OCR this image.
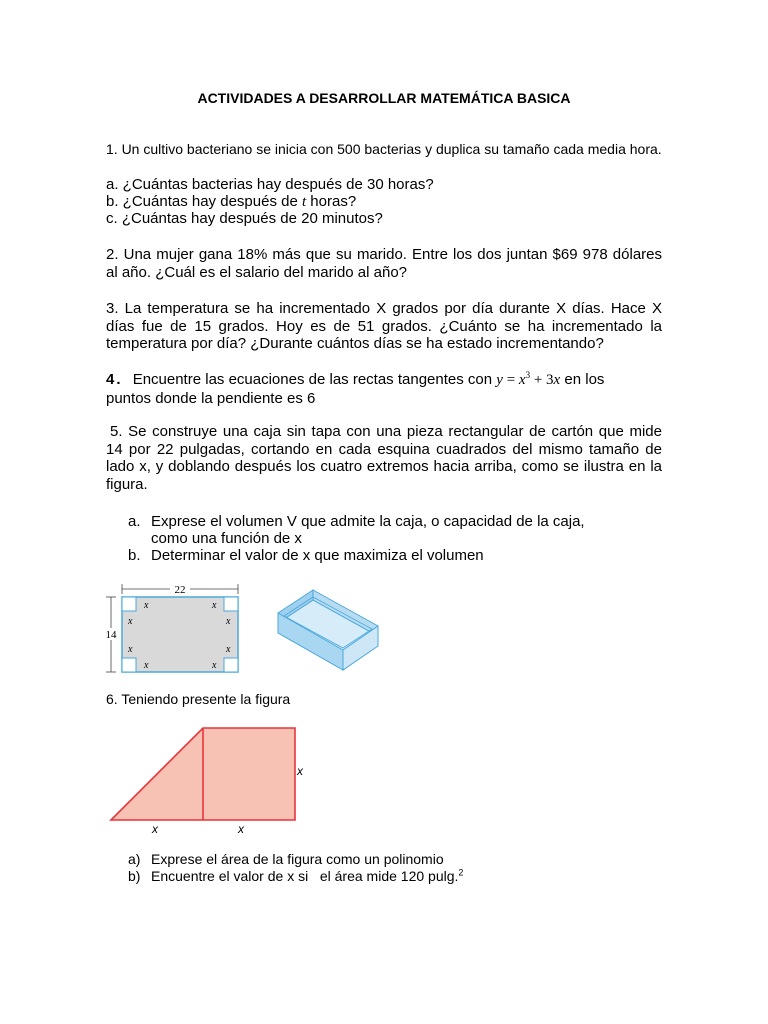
ACTIVIDADES A DESARROLLAR MATEMÁTICA BASICA
1. Un cultivo bacteriano se inicia con 500 bacterias y duplica su tamaño cada media hora.
a. ¿Cuántas bacterias hay después de 30 horas?
b. ¿Cuántas hay después de t horas?
c. ¿Cuántas hay después de 20 minutos?
2. Una mujer gana 18% más que su marido. Entre los dos juntan $69 978 dólares
al año. ¿Cuál es el salario del marido al año?
3. La temperatura se ha incrementado X grados por día durante X días. Hace X
días fue de 15 grados. Hoy es de 51 grados. ¿Cuánto se ha incrementado la
temperatura por día? ¿Durante cuántos días se ha estado incrementando?
4. Encuentre las ecuaciones de las rectas tangentes con $y = x^3 + 3x$ en los
puntos donde la pendiente es 6
5. Se construye una caja sin tapa con una pieza rectangular de cartón que mide
14 por 22 pulgadas, cortando en cada esquina cuadrados del mismo tamaño de
lado x, y doblando después los cuatro extremos hacia arriba, como se ilustra en la
figura.
a. Exprese el volumen V que admite la caja, o capacidad de la caja,
como una función de x
b. Determinar el valor de x que maximiza el volumen
22
14
x	x
x	x
x	x
x	x
6. Teniendo presente la figura
x
x	x
a) Exprese el área de la figura como un polinomio
b) Encuentre el valor de x si   el área mide 120 pulg.$^2$
